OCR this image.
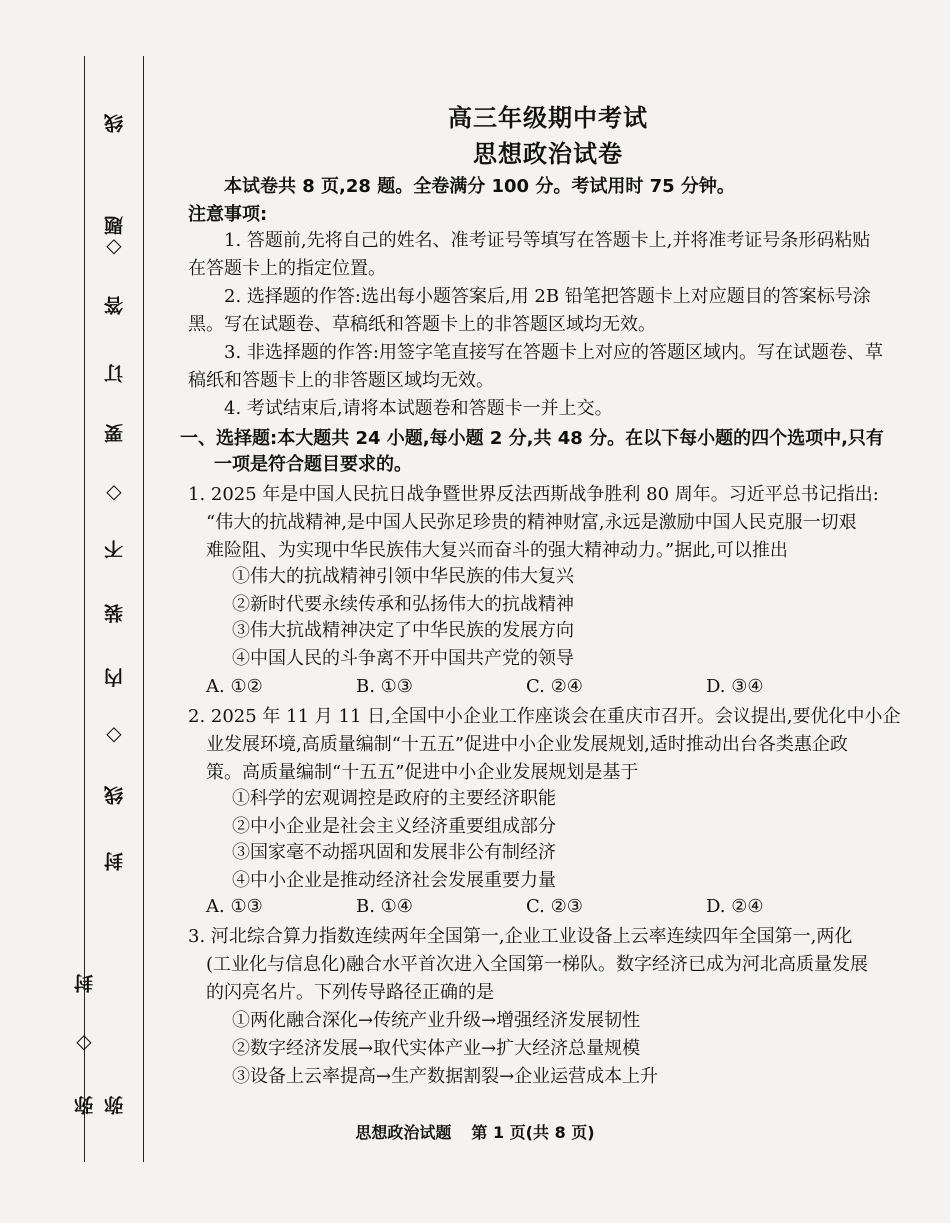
线
题
◇
答
订
要
◇
不
装
内
◇
线
封
弥
封
◇
弥
高三年级期中考试
思想政治试卷
本试卷共 8 页,28 题。全卷满分 100 分。考试用时 75 分钟。
注意事项:
1. 答题前,先将自己的姓名、准考证号等填写在答题卡上,并将准考证号条形码粘贴
在答题卡上的指定位置。
2. 选择题的作答:选出每小题答案后,用 2B 铅笔把答题卡上对应题目的答案标号涂
黑。写在试题卷、草稿纸和答题卡上的非答题区域均无效。
3. 非选择题的作答:用签字笔直接写在答题卡上对应的答题区域内。写在试题卷、草
稿纸和答题卡上的非答题区域均无效。
4. 考试结束后,请将本试题卷和答题卡一并上交。
一、选择题:本大题共 24 小题,每小题 2 分,共 48 分。在以下每小题的四个选项中,只有
一项是符合题目要求的。
1. 2025 年是中国人民抗日战争暨世界反法西斯战争胜利 80 周年。习近平总书记指出:
“伟大的抗战精神,是中国人民弥足珍贵的精神财富,永远是激励中国人民克服一切艰
难险阻、为实现中华民族伟大复兴而奋斗的强大精神动力。”据此,可以推出
①伟大的抗战精神引领中华民族的伟大复兴
②新时代要永续传承和弘扬伟大的抗战精神
③伟大抗战精神决定了中华民族的发展方向
④中国人民的斗争离不开中国共产党的领导
A. ①②	B. ①③	C. ②④	D. ③④
2. 2025 年 11 月 11 日,全国中小企业工作座谈会在重庆市召开。会议提出,要优化中小企
业发展环境,高质量编制“十五五”促进中小企业发展规划,适时推动出台各类惠企政
策。高质量编制“十五五”促进中小企业发展规划是基于
①科学的宏观调控是政府的主要经济职能
②中小企业是社会主义经济重要组成部分
③国家毫不动摇巩固和发展非公有制经济
④中小企业是推动经济社会发展重要力量
A. ①③	B. ①④	C. ②③	D. ②④
3. 河北综合算力指数连续两年全国第一,企业工业设备上云率连续四年全国第一,两化
(工业化与信息化)融合水平首次进入全国第一梯队。数字经济已成为河北高质量发展
的闪亮名片。下列传导路径正确的是
①两化融合深化→传统产业升级→增强经济发展韧性
②数字经济发展→取代实体产业→扩大经济总量规模
③设备上云率提高→生产数据割裂→企业运营成本上升
思想政治试题 第 1 页(共 8 页)
